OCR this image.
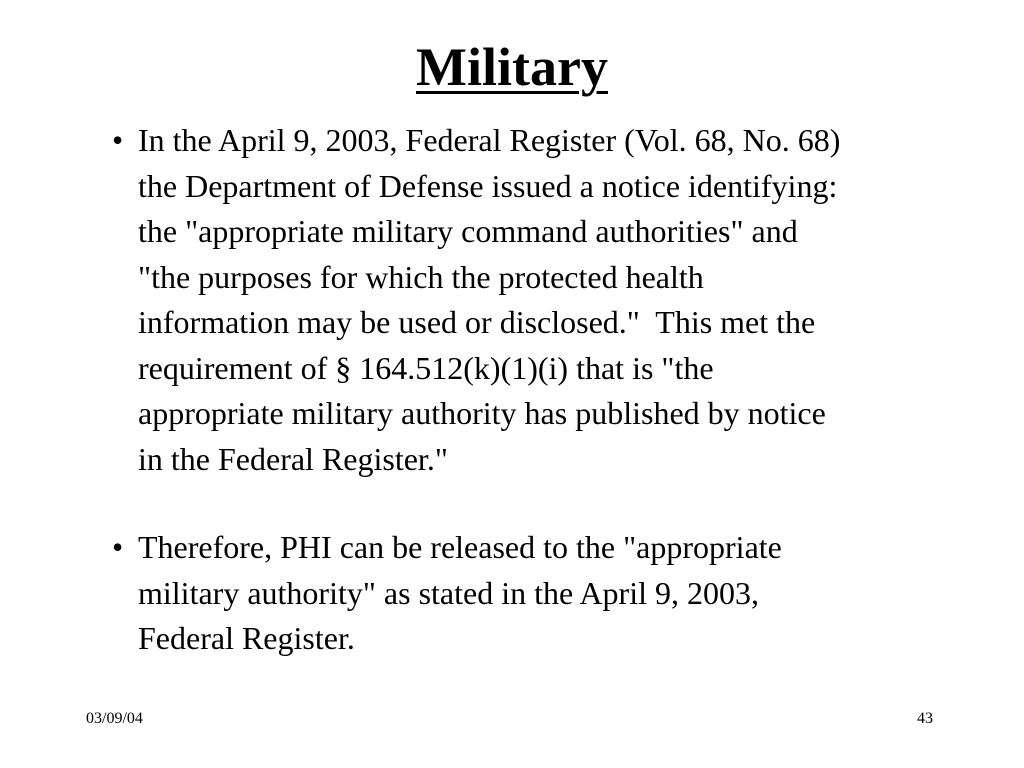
Military
• In the April 9, 2003, Federal Register (Vol. 68, No. 68)
the Department of Defense issued a notice identifying:
the "appropriate military command authorities" and
"the purposes for which the protected health
information may be used or disclosed."  This met the
requirement of § 164.512(k)(1)(i) that is "the
appropriate military authority has published by notice
in the Federal Register."
• Therefore, PHI can be released to the "appropriate
military authority" as stated in the April 9, 2003,
Federal Register.
03/09/04	43
